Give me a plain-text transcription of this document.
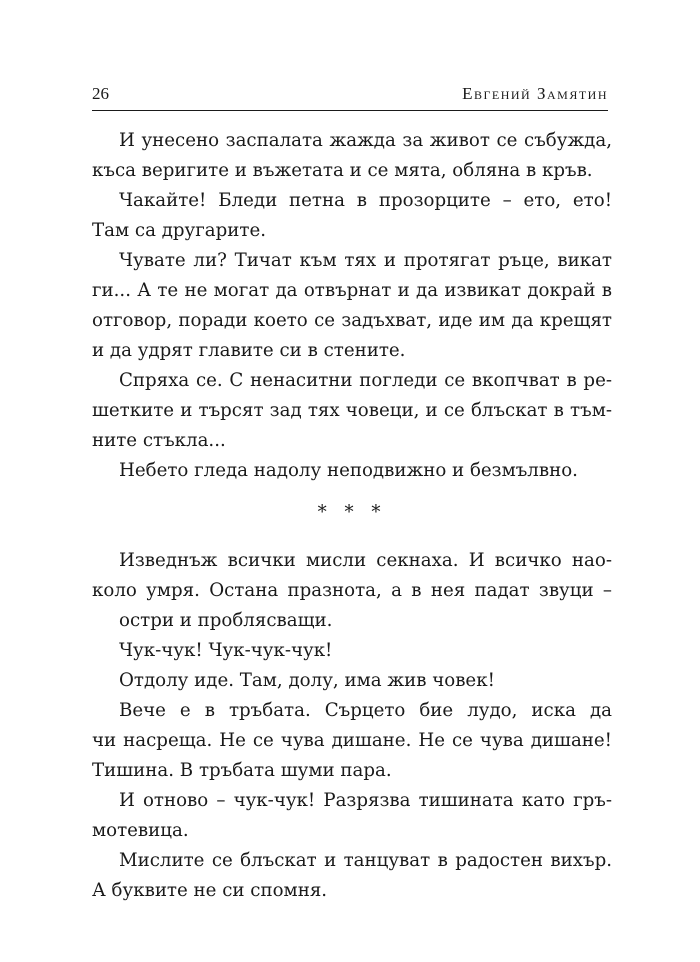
26	Евгений Замятин
И унесено заспалата жажда за живот се събужда,
къса веригите и въжетата и се мята, обляна в кръв.
Чакайте! Бледи петна в прозорците – ето, ето!
Там са другарите.
Чувате ли? Тичат към тях и протягат ръце, викат
ги... А те не могат да отвърнат и да извикат докрай в
отговор, поради което се задъхват, иде им да крещят
и да удрят главите си в стените.
Спряха се. С ненаситни погледи се вкопчват в ре-
шетките и търсят зад тях човеци, и се блъскат в тъм-
ните стъкла...
Небето гледа надолу неподвижно и безмълвно.
* * *
Изведнъж всички мисли секнаха. И всичко нао-
коло умря. Остана празнота, а в нея падат звуци –
остри и проблясващи.
Чук-чук! Чук-чук-чук!
Отдолу иде. Там, долу, има жив човек!
Вече е в тръбата. Сърцето бие лудо, иска да
чи насреща. Не се чува дишане. Не се чува дишане!
Тишина. В тръбата шуми пара.
И отново – чук-чук! Разрязва тишината като гръ-
мотевица.
Мислите се блъскат и танцуват в радостен вихър.
А буквите не си спомня.
